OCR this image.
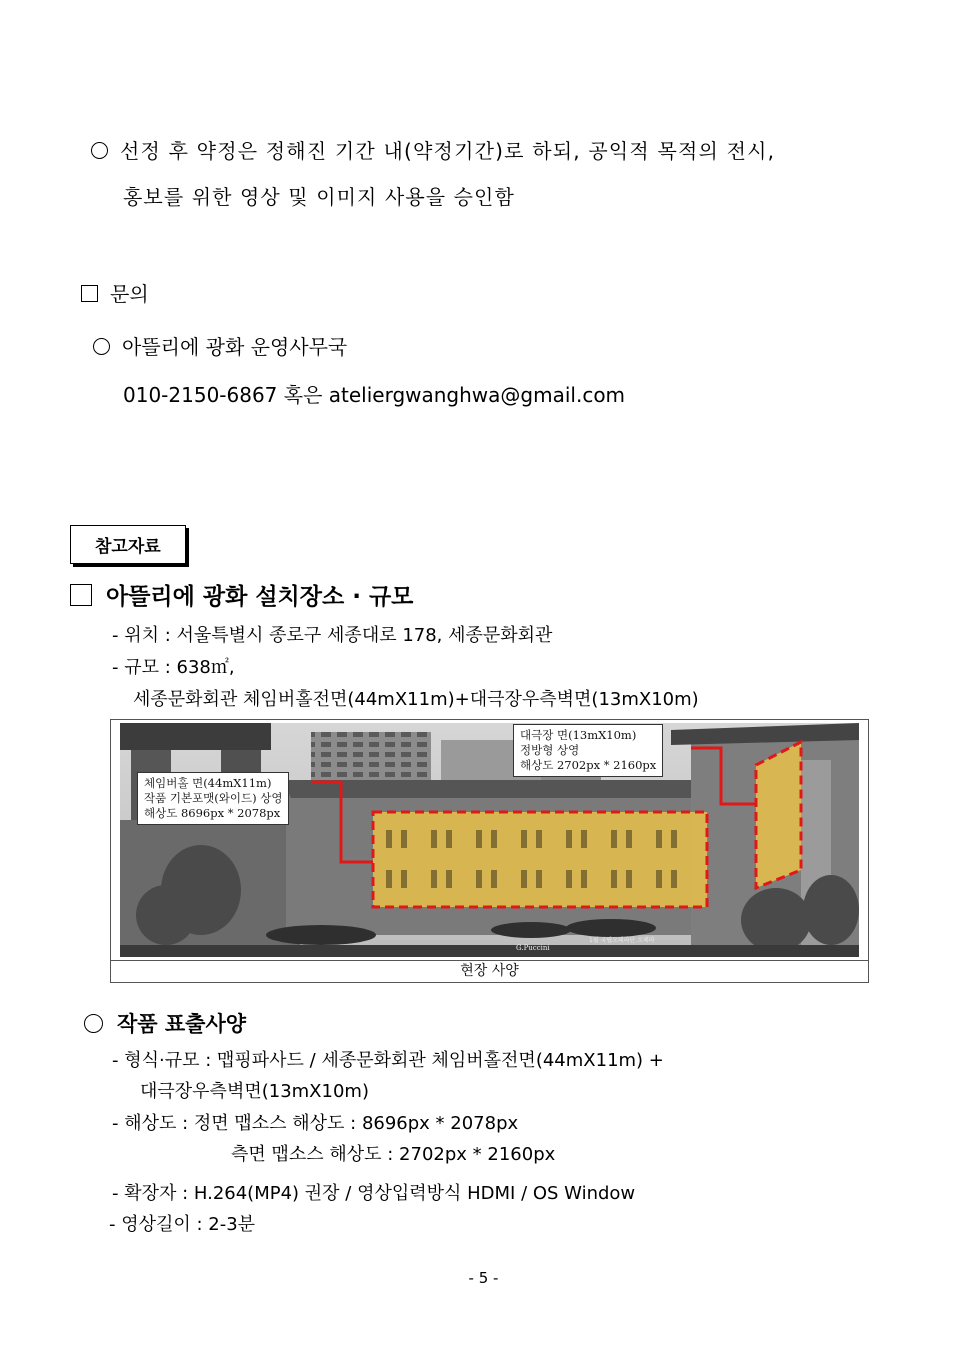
선정 후 약정은 정해진 기간 내(약정기간)로 하되, 공익적 목적의 전시,
홍보를 위한 영상 및 이미지 사용을 승인함
문의
아뜰리에 광화 운영사무국
010-2150-6867 혹은 ateliergwanghwa@gmail.com
참고자료
아뜰리에 광화 설치장소 · 규모
- 위치 : 서울특별시 종로구 세종대로 178, 세종문화회관
- 규모 : 638㎡,
세종문화회관 체임버홀전면(44mX11m)+대극장우측벽면(13mX10m)
G.Puccini
1월 국립오페라단 오페라
체임버홀 면(44mX11m)
작품 기본포맷(와이드) 상영
해상도 8696px * 2078px
대극장 면(13mX10m)
정방형 상영
해상도 2702px * 2160px
현장 사양
작품 표출사양
- 형식·규모 : 맵핑파사드 / 세종문화회관 체임버홀전면(44mX11m) +
대극장우측벽면(13mX10m)
- 해상도 : 정면 맵소스 해상도 : 8696px * 2078px
측면 맵소스 해상도 : 2702px * 2160px
- 확장자 : H.264(MP4) 권장 / 영상입력방식 HDMI / OS Window
- 영상길이 : 2-3분
- 5 -
